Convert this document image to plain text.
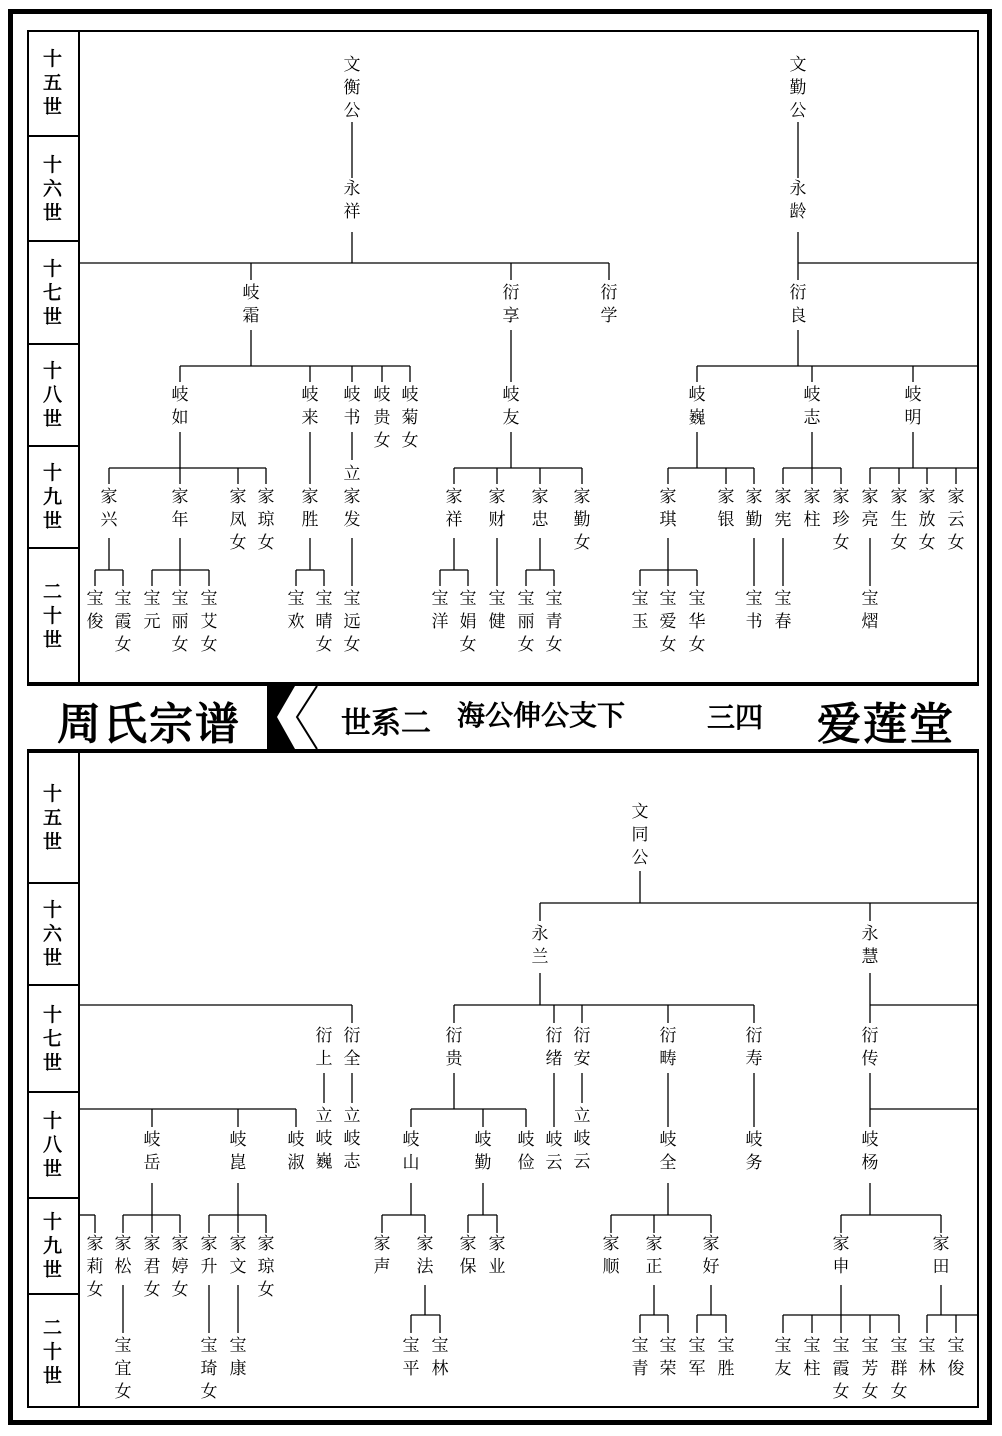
十
五
世
十
六
世
十
七
世
十
八
世
十
九
世
二
十
世
文
衡
公
永
祥
岐
霜
衍
享
衍
学
岐
如
岐
来
岐
书
岐
贵
女
岐
菊
女
岐
友
家
兴
家
年
家
凤
女
家
琼
女
家
胜
立
家
发
家
祥
家
财
家
忠
家
勤
女
宝
俊
宝
霞
女
宝
元
宝
丽
女
宝
艾
女
宝
欢
宝
晴
女
宝
远
女
宝
洋
宝
娟
女
宝
健
宝
丽
女
宝
青
女
文
勤
公
永
龄
衍
良
岐
巍
岐
志
岐
明
家
琪
家
银
家
勤
家
宪
家
柱
家
珍
女
家
亮
家
生
女
家
放
女
家
云
女
宝
玉
宝
爱
女
宝
华
女
宝
书
宝
春
宝
熠
周氏宗谱	世系二 海公伸公支下	三四 爱莲堂
十
五
世
十
六
世
十
七
世
十
八
世
十
九
世
二
十
世
文
同
公
永
兰
永
慧
衍
上
衍
全
衍
贵
衍
绪
衍
安
衍
畴
衍
寿
衍
传
岐
岳
岐
崑
岐
淑
立
岐
巍
立
岐
志
岐
山
岐
勤
岐
俭
岐
云
立
岐
云
岐
全
岐
务
岐
杨
家
莉
女
家
松
家
君
女
家
婷
女
家
升
家
文
家
琼
女
家
声
家
法
家
保
家
业
家
顺
家
正
家
好
家
申
家
田
宝
宜
女
宝
琦
女
宝
康
宝
平
宝
林
宝
青
宝
荣
宝
军
宝
胜
宝
友
宝
柱
宝
霞
女
宝
芳
女
宝
群
女
宝
林
宝
俊
